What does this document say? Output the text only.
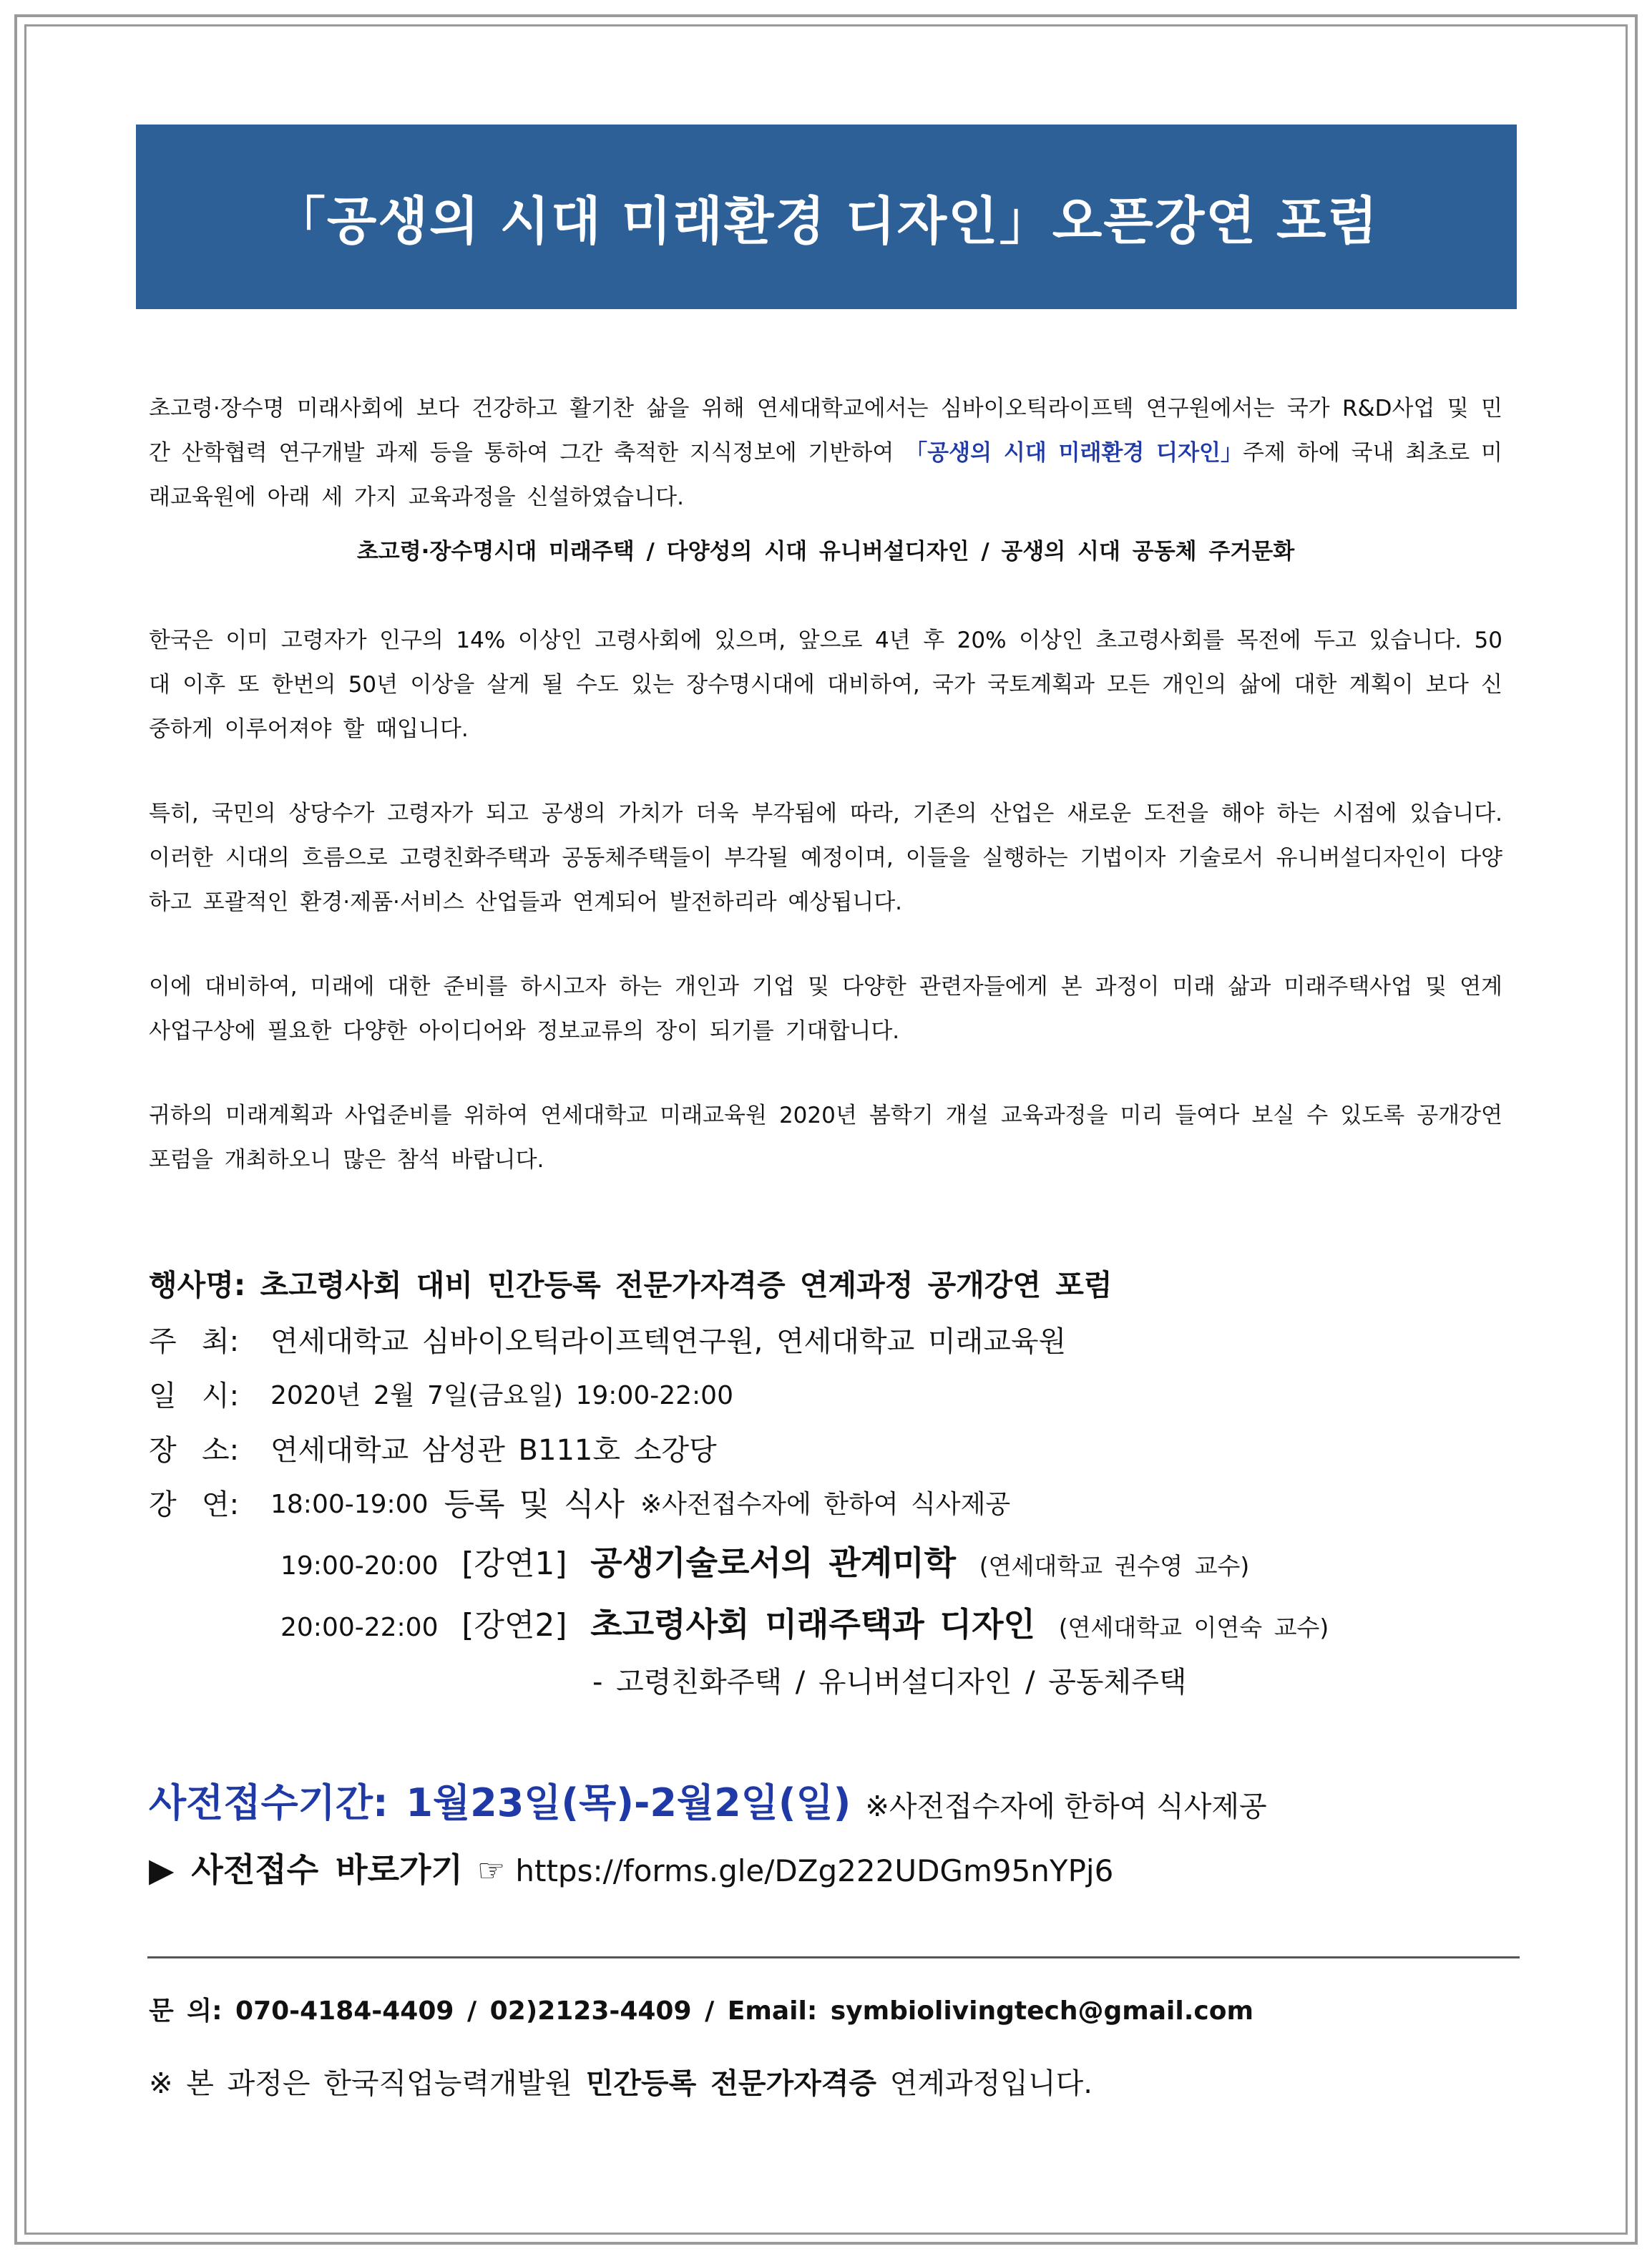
「공생의 시대 미래환경 디자인」오픈강연 포럼

초고령·장수명 미래사회에 보다 건강하고 활기찬 삶을 위해 연세대학교에서는 심바이오틱라이프텍 연구원에서는 국가 R&D사업 및 민간 산학협력 연구개발 과제 등을 통하여 그간 축적한 지식정보에 기반하여 「공생의 시대 미래환경 디자인」주제 하에 국내 최초로 미래교육원에 아래 세 가지 교육과정을 신설하였습니다.

초고령·장수명시대 미래주택 / 다양성의 시대 유니버설디자인 / 공생의 시대 공동체 주거문화

한국은 이미 고령자가 인구의 14% 이상인 고령사회에 있으며, 앞으로 4년 후 20% 이상인 초고령사회를 목전에 두고 있습니다. 50대 이후 또 한번의 50년 이상을 살게 될 수도 있는 장수명시대에 대비하여, 국가 국토계획과 모든 개인의 삶에 대한 계획이 보다 신중하게 이루어져야 할 때입니다.

특히, 국민의 상당수가 고령자가 되고 공생의 가치가 더욱 부각됨에 따라, 기존의 산업은 새로운 도전을 해야 하는 시점에 있습니다. 이러한 시대의 흐름으로 고령친화주택과 공동체주택들이 부각될 예정이며, 이들을 실행하는 기법이자 기술로서 유니버설디자인이 다양하고 포괄적인 환경·제품·서비스 산업들과 연계되어 발전하리라 예상됩니다.

이에 대비하여, 미래에 대한 준비를 하시고자 하는 개인과 기업 및 다양한 관련자들에게 본 과정이 미래 삶과 미래주택사업 및 연계 사업구상에 필요한 다양한 아이디어와 정보교류의 장이 되기를 기대합니다.

귀하의 미래계획과 사업준비를 위하여 연세대학교 미래교육원 2020년 봄학기 개설 교육과정을 미리 들여다 보실 수 있도록 공개강연 포럼을 개최하오니 많은 참석 바랍니다.

행사명: 초고령사회 대비 민간등록 전문가자격증 연계과정 공개강연 포럼
주 최:	연세대학교 심바이오틱라이프텍연구원, 연세대학교 미래교육원
일 시:	2020년 2월 7일(금요일) 19:00-22:00
장 소:	연세대학교 삼성관 B111호 소강당
강 연:	18:00-19:00 등록 및 식사 ※사전접수자에 한하여 식사제공
19:00-20:00 [강연1] 공생기술로서의 관계미학 (연세대학교 권수영 교수)
20:00-22:00 [강연2] 초고령사회 미래주택과 디자인 (연세대학교 이연숙 교수)
- 고령친화주택 / 유니버설디자인 / 공동체주택
사전접수기간: 1월23일(목)-2월2일(일) ※사전접수자에 한하여 식사제공
▶ 사전접수 바로가기 ☞ https://forms.gle/DZg222UDGm95nYPj6
문 의: 070-4184-4409 / 02)2123-4409 / Email: symbiolivingtech@gmail.com
※ 본 과정은 한국직업능력개발원 민간등록 전문가자격증 연계과정입니다.
